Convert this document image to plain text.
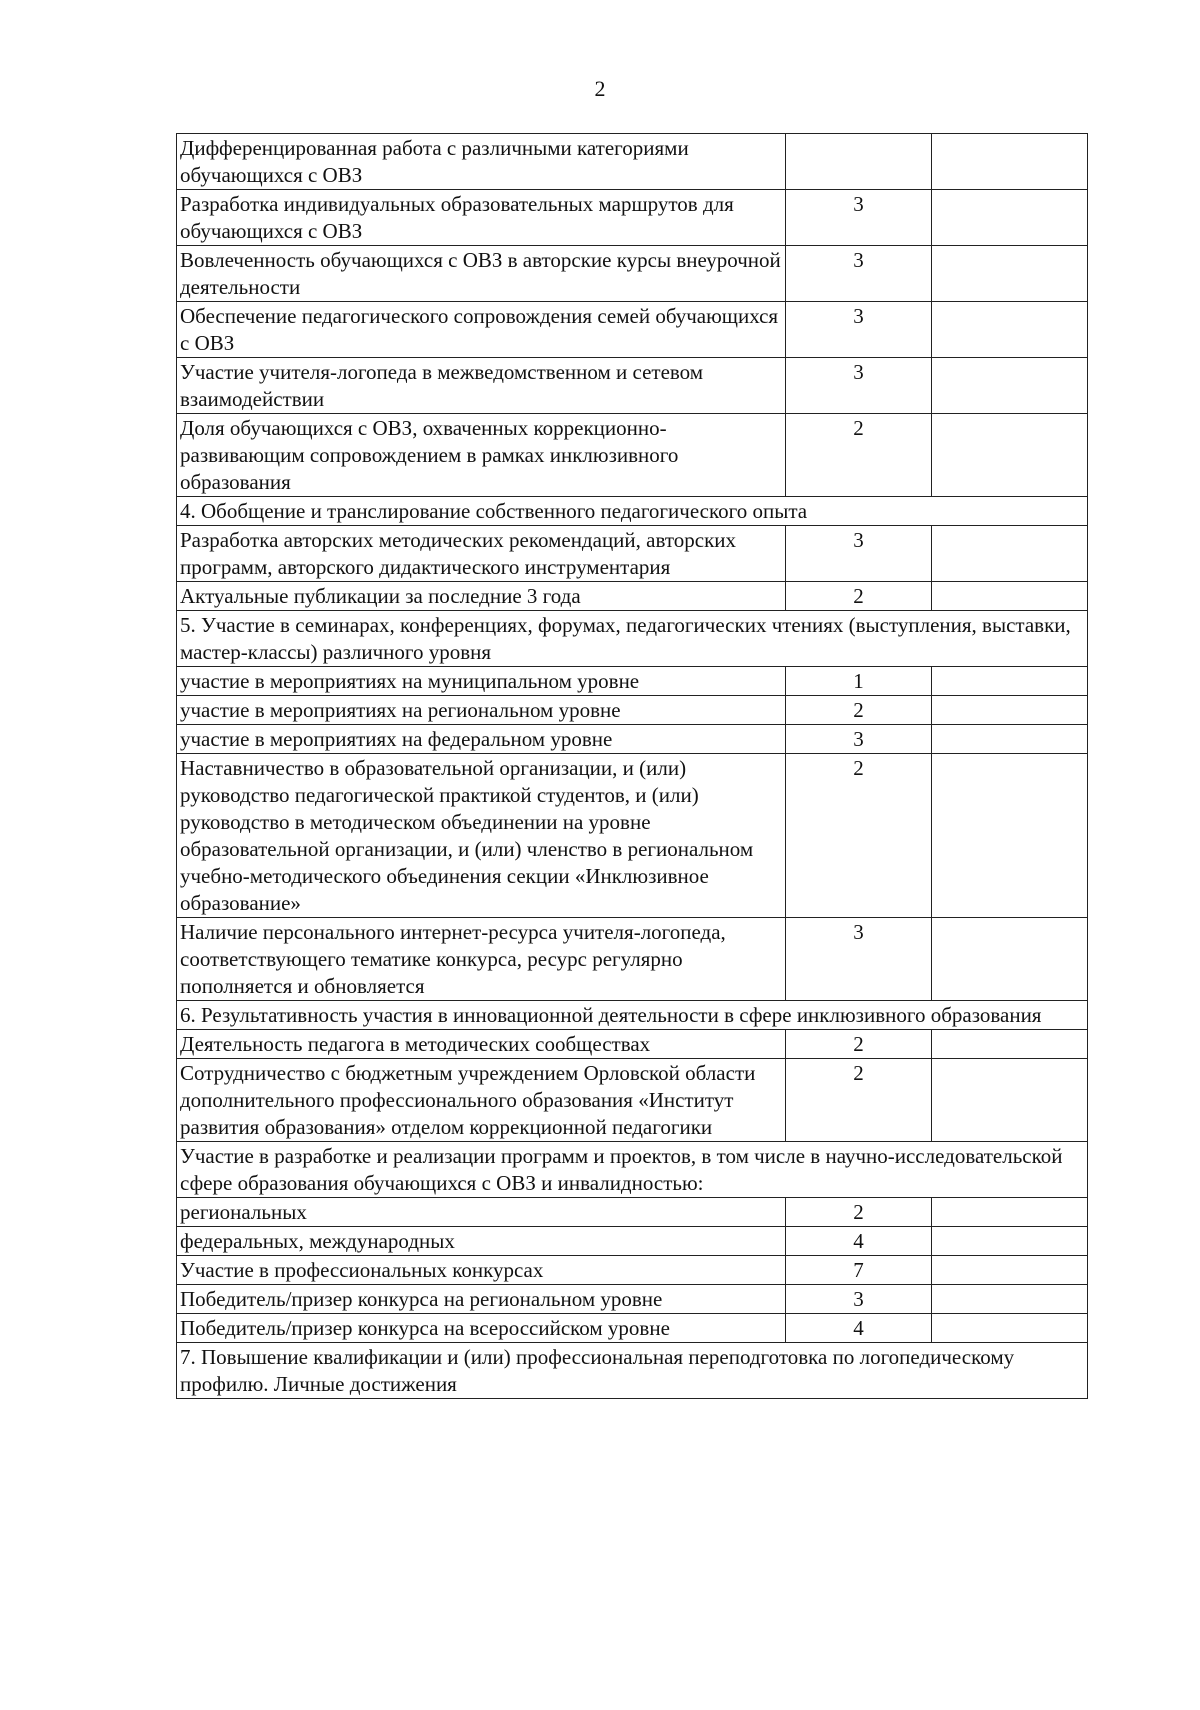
2
Дифференцированная работа с различными категориями обучающихся с ОВЗ		
Разработка индивидуальных образовательных маршрутов для обучающихся с ОВЗ	3	
Вовлеченность обучающихся с ОВЗ в авторские курсы внеурочной деятельности	3	
Обеспечение педагогического сопровождения семей обучающихся с ОВЗ	3	
Участие учителя-логопеда в межведомственном и сетевом взаимодействии	3	
Доля обучающихся с ОВЗ, охваченных коррекционно-развивающим сопровождением в рамках инклюзивного образования	2	
4. Обобщение и транслирование собственного педагогического опыта		
Разработка авторских методических рекомендаций, авторских программ, авторского дидактического инструментария	3	
Актуальные публикации за последние 3 года	2	
5. Участие в семинарах, конференциях, форумах, педагогических чтениях (выступления, выставки, мастер-классы) различного уровня		
участие в мероприятиях на муниципальном уровне	1	
участие в мероприятиях на региональном уровне	2	
участие в мероприятиях на федеральном уровне	3	
Наставничество в образовательной организации, и (или) руководство педагогической практикой студентов, и (или) руководство в методическом объединении на уровне образовательной организации, и (или) членство в региональном учебно-методического объединения секции «Инклюзивное образование»	2	
Наличие персонального интернет-ресурса учителя-логопеда, соответствующего тематике конкурса, ресурс регулярно пополняется и обновляется	3	
6. Результативность участия в инновационной деятельности в сфере инклюзивного образования		
Деятельность педагога в методических сообществах	2	
Сотрудничество с бюджетным учреждением Орловской области дополнительного профессионального образования «Институт развития образования» отделом коррекционной педагогики	2	
Участие в разработке и реализации программ и проектов, в том числе в научно-исследовательской сфере образования обучающихся с ОВЗ и инвалидностью:		
региональных	2	
федеральных, международных	4	
Участие в профессиональных конкурсах	7	
Победитель/призер конкурса на региональном уровне	3	
Победитель/призер конкурса на всероссийском уровне	4	
7. Повышение квалификации и (или) профессиональная переподготовка по логопедическому профилю. Личные достижения		
